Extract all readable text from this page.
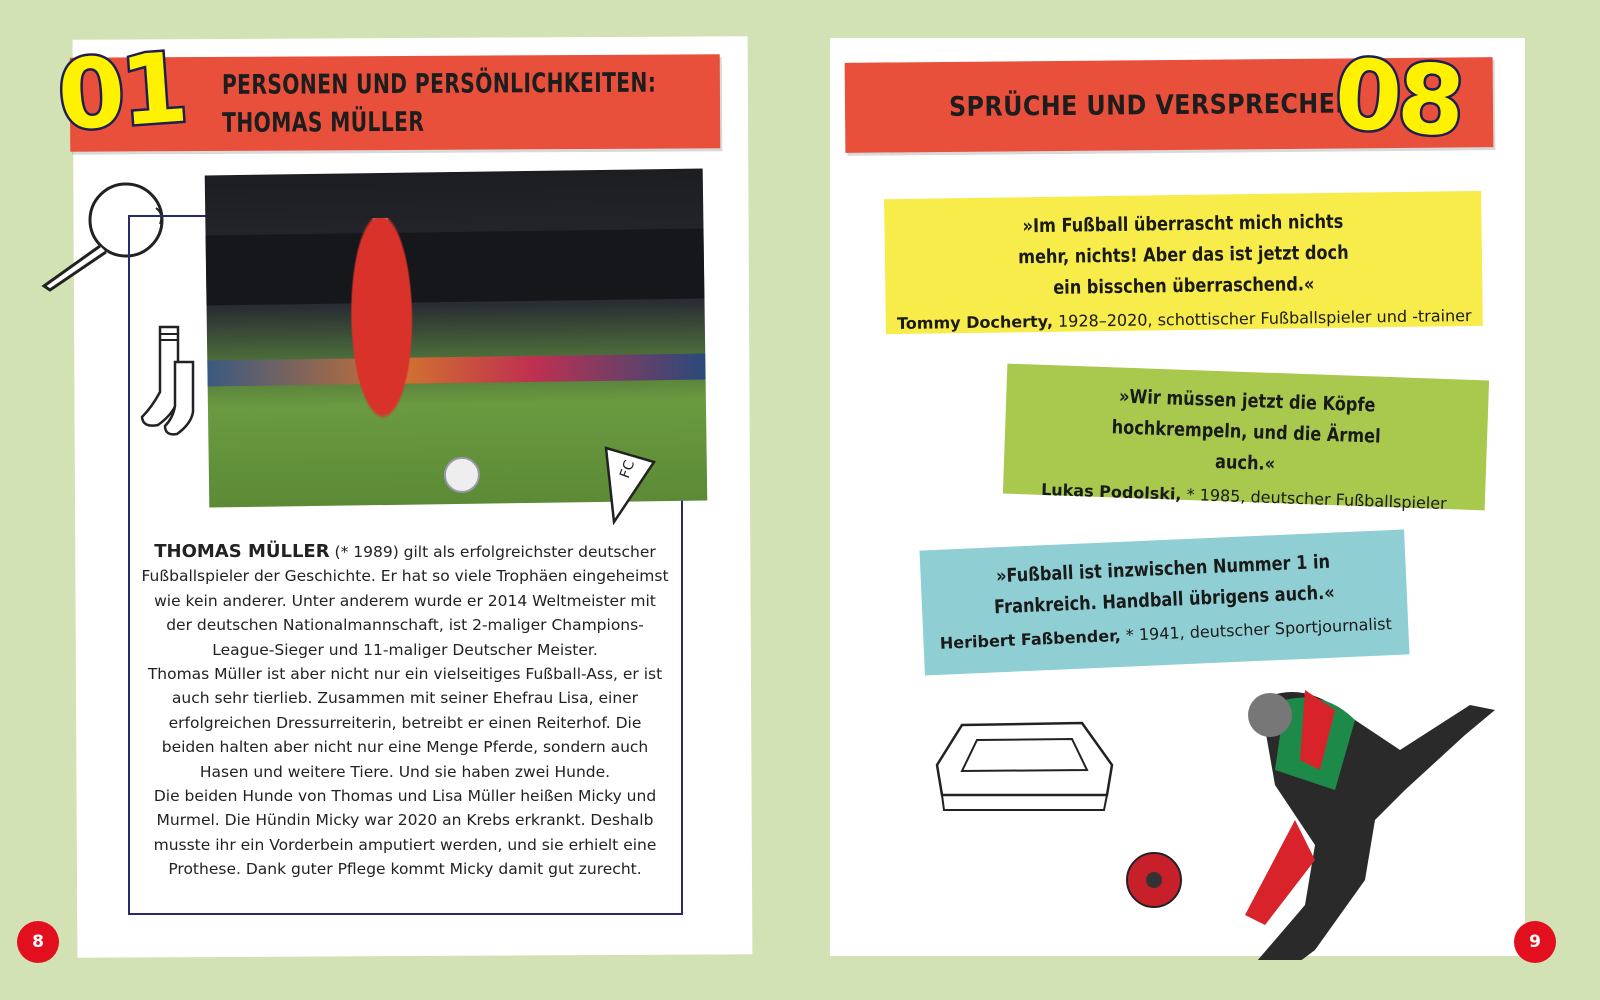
PERSONEN UND PERSÖNLICHKEITEN:
THOMAS MÜLLER
01
FC
THOMAS MÜLLER (* 1989) gilt als erfolgreichster deutscher Fußballspieler der Geschichte. Er hat so viele Trophäen eingeheimst wie kein anderer. Unter anderem wurde er 2014 Weltmeister mit der deutschen Nationalmannschaft, ist 2-maliger Champions-League-Sieger und 11-maliger Deutscher Meister.
Thomas Müller ist aber nicht nur ein vielseitiges Fußball-Ass, er ist auch sehr tierlieb. Zusammen mit seiner Ehefrau Lisa, einer erfolgreichen Dressurreiterin, betreibt er einen Reiterhof. Die beiden halten aber nicht nur eine Menge Pferde, sondern auch Hasen und weitere Tiere. Und sie haben zwei Hunde.
Die beiden Hunde von Thomas und Lisa Müller heißen Micky und Murmel. Die Hündin Micky war 2020 an Krebs erkrankt. Deshalb musste ihr ein Vorderbein amputiert werden, und sie erhielt eine Prothese. Dank guter Pflege kommt Micky damit gut zurecht.
8
SPRÜCHE UND VERSPRECHER
08
»Im Fußball überrascht mich nichts mehr, nichts! Aber das ist jetzt doch ein bisschen überraschend.«
Tommy Docherty, 1928–2020, schottischer Fußballspieler und -trainer
»Wir müssen jetzt die Köpfe hochkrempeln, und die Ärmel auch.«
Lukas Podolski, * 1985, deutscher Fußballspieler
»Fußball ist inzwischen Nummer 1 in Frankreich. Handball übrigens auch.«
Heribert Faßbender, * 1941, deutscher Sportjournalist
9
